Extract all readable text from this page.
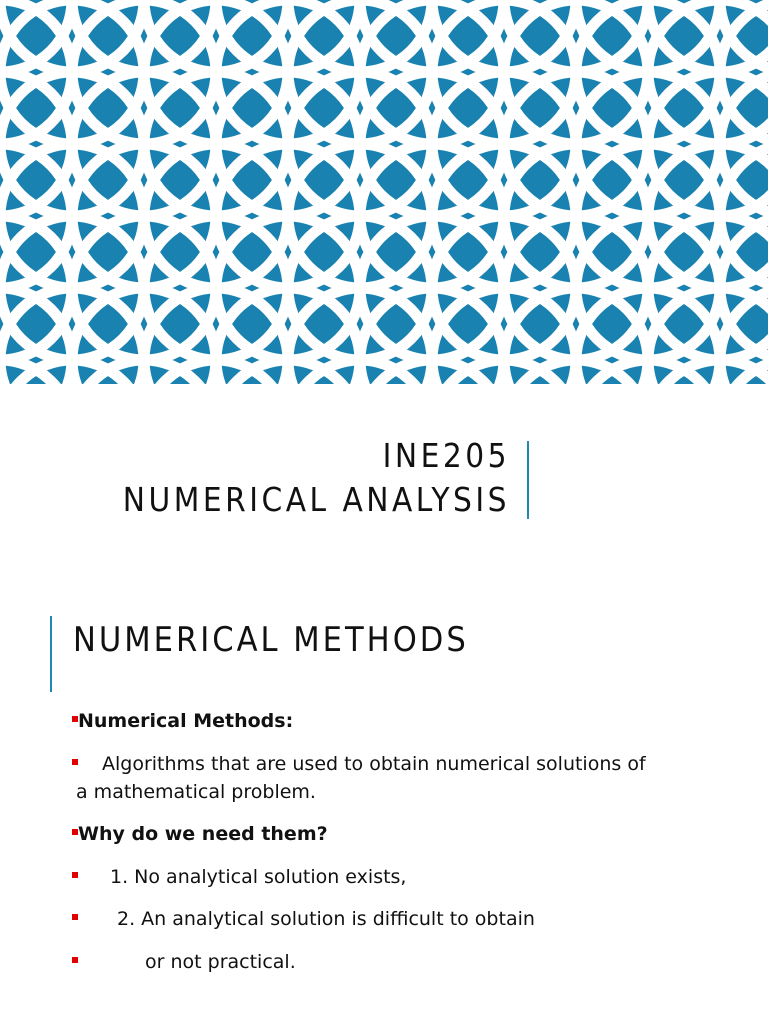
INE205
NUMERICAL ANALYSIS
NUMERICAL METHODS
Numerical Methods:
Algorithms that are used to obtain numerical solutions of
a mathematical problem.
Why do we need them?
1. No analytical solution exists,
2. An analytical solution is difficult to obtain
or not practical.
